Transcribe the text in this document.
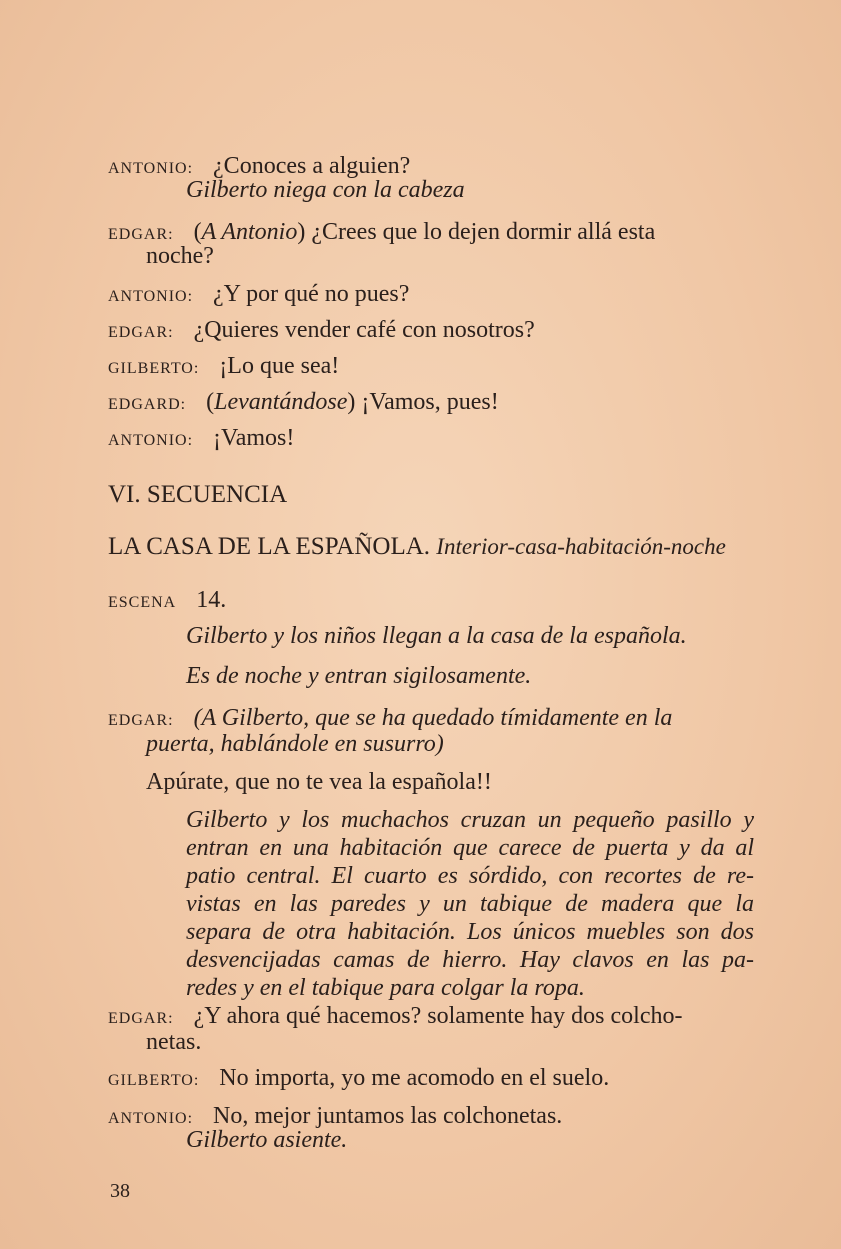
ANTONIO: ¿Conoces a alguien?
Gilberto niega con la cabeza
EDGAR: (A Antonio) ¿Crees que lo dejen dormir allá esta
noche?
ANTONIO: ¿Y por qué no pues?
EDGAR: ¿Quieres vender café con nosotros?
GILBERTO: ¡Lo que sea!
EDGARD: (Levantándose) ¡Vamos, pues!
ANTONIO: ¡Vamos!
VI. SECUENCIA
LA CASA DE LA ESPAÑOLA. Interior-casa-habitación-noche
ESCENA 14.
Gilberto y los niños llegan a la casa de la española.
Es de noche y entran sigilosamente.
EDGAR: (A Gilberto, que se ha quedado tímidamente en la
puerta, hablándole en susurro)
Apúrate, que no te vea la española!!
Gilberto y los muchachos cruzan un pequeño pasillo y
entran en una habitación que carece de puerta y da al
patio central. El cuarto es sórdido, con recortes de re-
vistas en las paredes y un tabique de madera que la
separa de otra habitación. Los únicos muebles son dos
desvencijadas camas de hierro. Hay clavos en las pa-
redes y en el tabique para colgar la ropa.
EDGAR: ¿Y ahora qué hacemos? solamente hay dos colcho-
netas.
GILBERTO: No importa, yo me acomodo en el suelo.
ANTONIO: No, mejor juntamos las colchonetas.
Gilberto asiente.
38
